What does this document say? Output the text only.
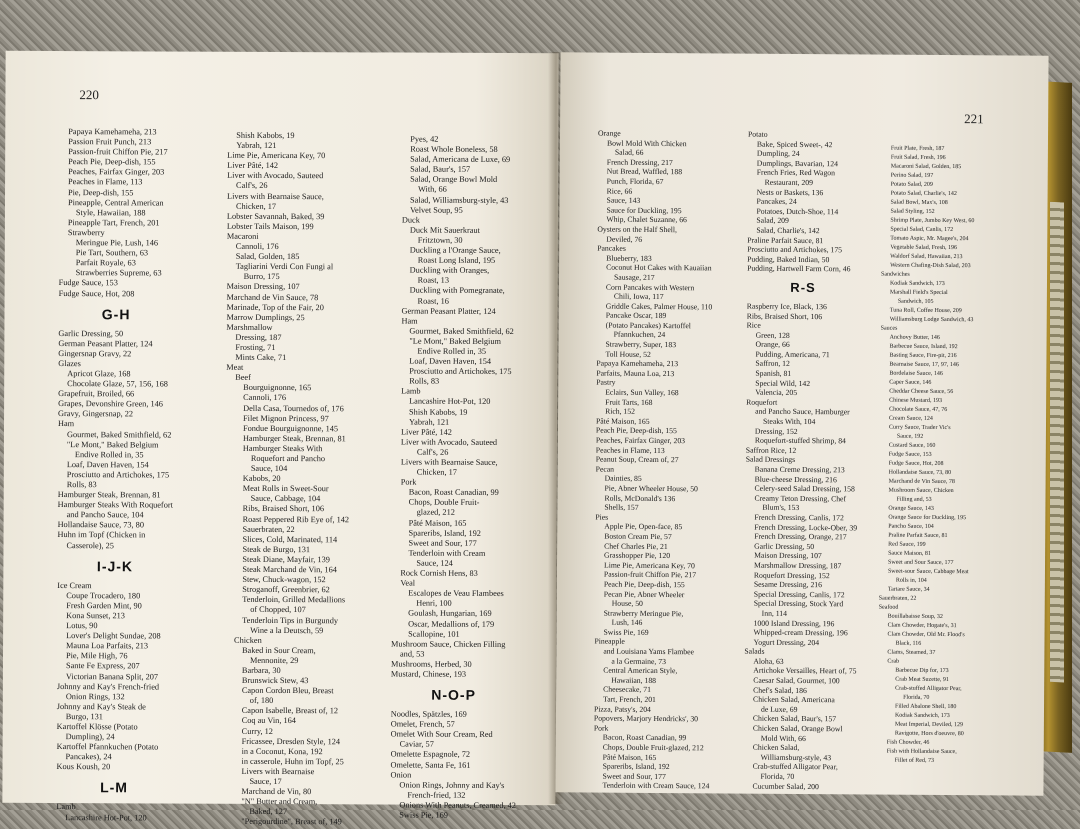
220
Papaya Kamehameha, 213
Passion Fruit Punch, 213
Passion-fruit Chiffon Pie, 217
Peach Pie, Deep-dish, 155
Peaches, Fairfax Ginger, 203
Peaches in Flame, 113
Pie, Deep-dish, 155
Pineapple, Central American
Style, Hawaiian, 188
Pineapple Tart, French, 201
Strawberry
Meringue Pie, Lush, 146
Pie Tart, Southern, 63
Parfait Royale, 63
Strawberries Supreme, 63
Fudge Sauce, 153
Fudge Sauce, Hot, 208
G-H
Garlic Dressing, 50
German Peasant Platter, 124
Gingersnap Gravy, 22
Glazes
Apricot Glaze, 168
Chocolate Glaze, 57, 156, 168
Grapefruit, Broiled, 66
Grapes, Devonshire Green, 146
Gravy, Gingersnap, 22
Ham
Gourmet, Baked Smithfield, 62
"Le Mont," Baked Belgium
Endive Rolled in, 35
Loaf, Daven Haven, 154
Prosciutto and Artichokes, 175
Rolls, 83
Hamburger Steak, Brennan, 81
Hamburger Steaks With Roquefort
and Pancho Sauce, 104
Hollandaise Sauce, 73, 80
Huhn im Topf (Chicken in
Casserole), 25
I-J-K
Ice Cream
Coupe Trocadero, 180
Fresh Garden Mint, 90
Kona Sunset, 213
Lotus, 90
Lover's Delight Sundae, 208
Mauna Loa Parfaits, 213
Pie, Mile High, 76
Sante Fe Express, 207
Victorian Banana Split, 207
Johnny and Kay's French-fried
Onion Rings, 132
Johnny and Kay's Steak de
Burgo, 131
Kartoffel Klösse (Potato
Dumpling), 24
Kartoffel Pfannkuchen (Potato
Pancakes), 24
Kous Koush, 20
L-M
Lamb
Lancashire Hot-Pot, 120
Shish Kabobs, 19
Yabrah, 121
Lime Pie, Americana Key, 70
Liver Pâté, 142
Liver with Avocado, Sauteed
Calf's, 26
Livers with Bearnaise Sauce,
Chicken, 17
Lobster Savannah, Baked, 39
Lobster Tails Maison, 199
Macaroni
Cannoli, 176
Salad, Golden, 185
Tagliarini Verdi Con Fungi al
Burro, 175
Maison Dressing, 107
Marchand de Vin Sauce, 78
Marinade, Top of the Fair, 20
Marrow Dumplings, 25
Marshmallow
Dressing, 187
Frosting, 71
Mints Cake, 71
Meat
Beef
Bourguignonne, 165
Cannoli, 176
Della Casa, Tournedos of, 176
Filet Mignon Princess, 97
Fondue Bourguignonne, 145
Hamburger Steak, Brennan, 81
Hamburger Steaks With
Roquefort and Pancho
Sauce, 104
Kabobs, 20
Meat Rolls in Sweet-Sour
Sauce, Cabbage, 104
Ribs, Braised Short, 106
Roast Peppered Rib Eye of, 142
Sauerbraten, 22
Slices, Cold, Marinated, 114
Steak de Burgo, 131
Steak Diane, Mayfair, 139
Steak Marchand de Vin, 164
Stew, Chuck-wagon, 152
Stroganoff, Greenbrier, 62
Tenderloin, Grilled Medallions
of Chopped, 107
Tenderloin Tips in Burgundy
Wine a la Deutsch, 59
Chicken
Baked in Sour Cream,
Mennonite, 29
Barbara, 30
Brunswick Stew, 43
Capon Cordon Bleu, Breast
of, 180
Capon Isabelle, Breast of, 12
Coq au Vin, 164
Curry, 12
Fricassee, Dresden Style, 124
in a Coconut, Kona, 192
in casserole, Huhn im Topf, 25
Livers with Bearnaise
Sauce, 17
Marchand de Vin, 80
"N" Butter and Cream,
Baked, 127
"Perigourdine", Breast of, 149
Pyes, 42
Roast Whole Boneless, 58
Salad, Americana de Luxe, 69
Salad, Baur's, 157
Salad, Orange Bowl Mold
With, 66
Salad, Williamsburg-style, 43
Velvet Soup, 95
Duck
Duck Mit Sauerkraut
Fritztown, 30
Duckling a l'Orange Sauce,
Roast Long Island, 195
Duckling with Oranges,
Roast, 13
Duckling with Pomegranate,
Roast, 16
German Peasant Platter, 124
Ham
Gourmet, Baked Smithfield, 62
"Le Mont," Baked Belgium
Endive Rolled in, 35
Loaf, Daven Haven, 154
Prosciutto and Artichokes, 175
Rolls, 83
Lamb
Lancashire Hot-Pot, 120
Shish Kabobs, 19
Yabrah, 121
Liver Pâté, 142
Liver with Avocado, Sauteed
Calf's, 26
Livers with Bearnaise Sauce,
Chicken, 17
Pork
Bacon, Roast Canadian, 99
Chops, Double Fruit-
glazed, 212
Pâté Maison, 165
Spareribs, Island, 192
Sweet and Sour, 177
Tenderloin with Cream
Sauce, 124
Rock Cornish Hens, 83
Veal
Escalopes de Veau Flambees
Henri, 100
Goulash, Hungarian, 169
Oscar, Medallions of, 179
Scallopine, 101
Mushroom Sauce, Chicken Filling
and, 53
Mushrooms, Herbed, 30
Mustard, Chinese, 193
N-O-P
Noodles, Spätzles, 169
Omelet, French, 57
Omelet With Sour Cream, Red
Caviar, 57
Omelette Espagnole, 72
Omelette, Santa Fe, 161
Onion
Onion Rings, Johnny and Kay's
French-fried, 132
Onions With Peanuts, Creamed, 42
Swiss Pie, 169
221
Orange
Bowl Mold With Chicken
Salad, 66
French Dressing, 217
Nut Bread, Waffled, 188
Punch, Florida, 67
Rice, 66
Sauce, 143
Sauce for Duckling, 195
Whip, Chalet Suzanne, 66
Oysters on the Half Shell,
Deviled, 76
Pancakes
Blueberry, 183
Coconut Hot Cakes with Kauaiian
Sausage, 217
Corn Pancakes with Western
Chili, Iowa, 117
Griddle Cakes, Palmer House, 110
Pancake Oscar, 189
(Potato Pancakes) Kartoffel
Pfannkuchen, 24
Strawberry, Super, 183
Toll House, 52
Papaya Kamehameha, 213
Parfaits, Mauna Loa, 213
Pastry
Eclairs, Sun Valley, 168
Fruit Tarts, 168
Rich, 152
Pâté Maison, 165
Peach Pie, Deep-dish, 155
Peaches, Fairfax Ginger, 203
Peaches in Flame, 113
Peanut Soup, Cream of, 27
Pecan
Dainties, 85
Pie, Abner Wheeler House, 50
Rolls, McDonald's 136
Shells, 157
Pies
Apple Pie, Open-face, 85
Boston Cream Pie, 57
Chef Charles Pie, 21
Grasshopper Pie, 120
Lime Pie, Americana Key, 70
Passion-fruit Chiffon Pie, 217
Peach Pie, Deep-dish, 155
Pecan Pie, Abner Wheeler
House, 50
Strawberry Meringue Pie,
Lush, 146
Swiss Pie, 169
Pineapple
and Louisiana Yams Flambee
a la Germaine, 73
Central American Style,
Hawaiian, 188
Cheesecake, 71
Tart, French, 201
Pizza, Patsy's, 204
Popovers, Marjory Hendricks', 30
Pork
Bacon, Roast Canadian, 99
Chops, Double Fruit-glazed, 212
Pâté Maison, 165
Spareribs, Island, 192
Sweet and Sour, 177
Tenderloin with Cream Sauce, 124
Potato
Bake, Spiced Sweet-, 42
Dumpling, 24
Dumplings, Bavarian, 124
French Fries, Red Wagon
Restaurant, 209
Nests or Baskets, 136
Pancakes, 24
Potatoes, Dutch-Shoe, 114
Salad, 209
Salad, Charlie's, 142
Praline Parfait Sauce, 81
Prosciutto and Artichokes, 175
Pudding, Baked Indian, 50
Pudding, Hartwell Farm Corn, 46
R-S
Raspberry Ice, Black, 136
Ribs, Braised Short, 106
Rice
Green, 128
Orange, 66
Pudding, Americana, 71
Saffron, 12
Spanish, 81
Special Wild, 142
Valencia, 205
Roquefort
and Pancho Sauce, Hamburger
Steaks With, 104
Dressing, 152
Roquefort-stuffed Shrimp, 84
Saffron Rice, 12
Salad Dressings
Banana Creme Dressing, 213
Blue-cheese Dressing, 216
Celery-seed Salad Dressing, 158
Creamy Teton Dressing, Chef
Blum's, 153
French Dressing, Canlis, 172
French Dressing, Locke-Ober, 39
French Dressing, Orange, 217
Garlic Dressing, 50
Maison Dressing, 107
Marshmallow Dressing, 187
Roquefort Dressing, 152
Sesame Dressing, 216
Special Dressing, Canlis, 172
Special Dressing, Stock Yard
Inn, 114
1000 Island Dressing, 196
Whipped-cream Dressing, 196
Yogurt Dressing, 204
Salads
Aloha, 63
Artichoke Versailles, Heart of, 75
Caesar Salad, Gourmet, 100
Chef's Salad, 186
Chicken Salad, Americana
de Luxe, 69
Chicken Salad, Baur's, 157
Chicken Salad, Orange Bowl
Mold With, 66
Chicken Salad,
Williamsburg-style, 43
Crab-stuffed Alligator Pear,
Florida, 70
Cucumber Salad, 200
Fruit Plate, Fresh, 187
Fruit Salad, Fresh, 196
Macaroni Salad, Golden, 185
Perino Salad, 197
Potato Salad, 209
Potato Salad, Charlie's, 142
Salad Bowl, Max's, 108
Salad Styling, 152
Shrimp Plate, Jumbo Key West, 60
Special Salad, Canlis, 172
Tomato Aspic, Mr. Magee's, 204
Vegetable Salad, Fresh, 196
Waldorf Salad, Hawaiian, 213
Western Chafing-Dish Salad, 203
Sandwiches
Kodiak Sandwich, 173
Marshall Field's Special
Sandwich, 105
Tuna Roll, Coffee House, 209
Williamsburg Lodge Sandwich, 43
Sauces
Anchovy Butter, 146
Barbecue Sauce, Island, 192
Basting Sauce, Fire-pit, 216
Bearnaise Sauce, 17, 97, 146
Bordelaise Sauce, 146
Caper Sauce, 146
Cheddar Cheese Sauce, 56
Chinese Mustard, 193
Chocolate Sauce, 47, 76
Cream Sauce, 124
Curry Sauce, Trader Vic's
Sauce, 192
Custard Sauce, 160
Fudge Sauce, 153
Fudge Sauce, Hot, 208
Hollandaise Sauce, 73, 80
Marchand de Vin Sauce, 78
Mushroom Sauce, Chicken
Filling and, 53
Orange Sauce, 143
Orange Sauce for Duckling, 195
Pancho Sauce, 104
Praline Parfait Sauce, 81
Red Sauce, 199
Sauce Maison, 81
Sweet and Sour Sauce, 177
Sweet-sour Sauce, Cabbage Meat
Rolls in, 104
Tartare Sauce, 34
Sauerbraten, 22
Seafood
Bouillabaisse Soup, 32
Clam Chowder, Hogate's, 31
Clam Chowder, Old Mr. Flood's
Black, 116
Clams, Steamed, 37
Crab
Barbecue Dip for, 173
Crab Meat Suzette, 91
Crab-stuffed Alligator Pear,
Florida, 70
Filled Abalone Shell, 180
Kodiak Sandwich, 173
Meat Imperial, Deviled, 129
Ravigotte, Hors d'oeuvre, 80
Fish Chowder, 46
Fish with Hollandaise Sauce,
Fillet of Red, 73
